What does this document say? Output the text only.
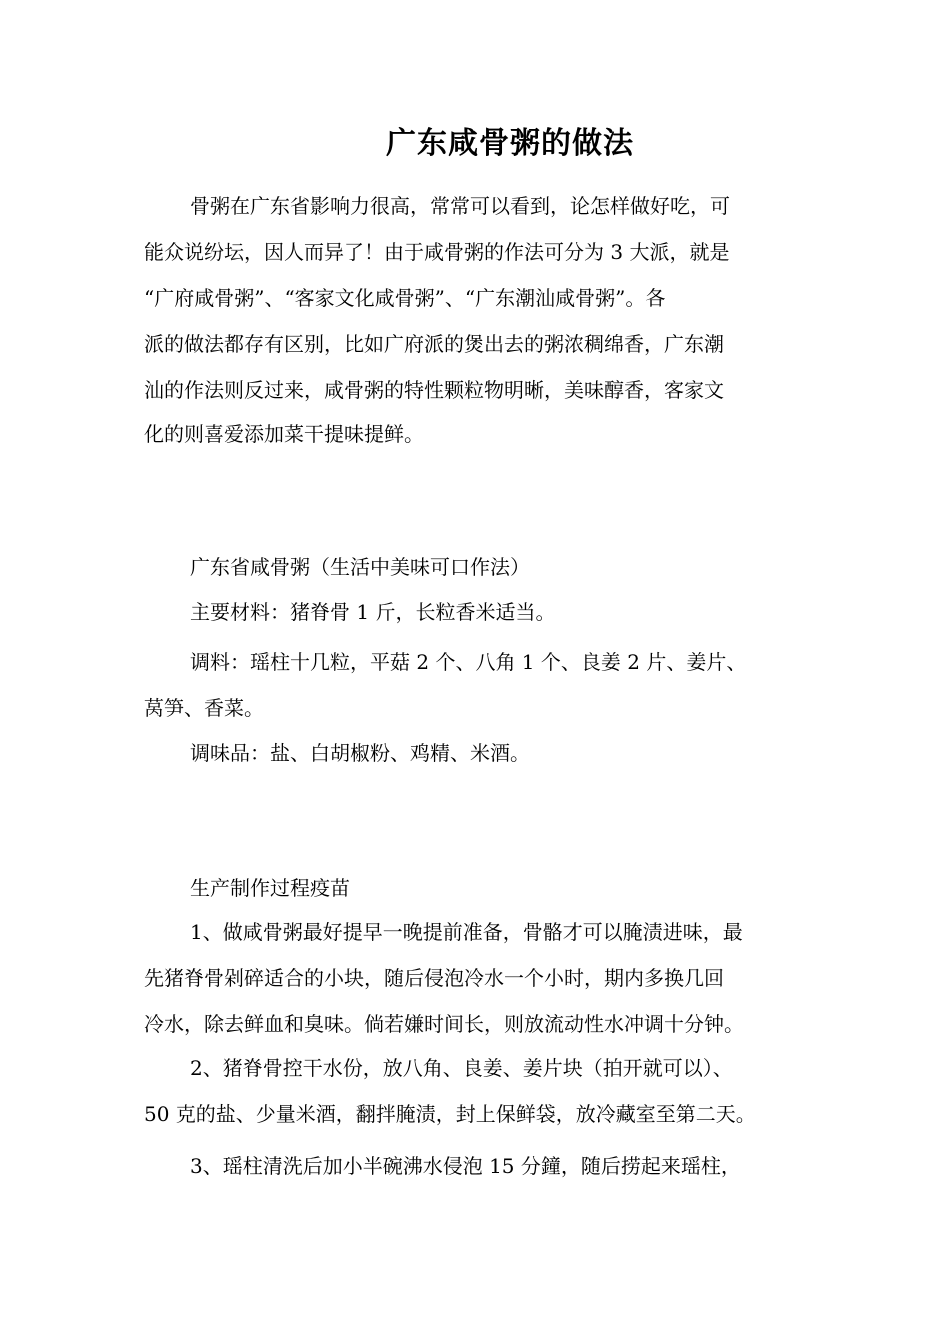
广东咸骨粥的做法
骨粥在广东省影响力很高，常常可以看到，论怎样做好吃，可
能众说纷坛，因人而异了！由于咸骨粥的作法可分为 3 大派，就是
“广府咸骨粥”、“客家文化咸骨粥”、“广东潮汕咸骨粥”。各
派的做法都存有区别，比如广府派的煲出去的粥浓稠绵香，广东潮
汕的作法则反过来，咸骨粥的特性颗粒物明晰，美味醇香，客家文
化的则喜爱添加菜干提味提鲜。
广东省咸骨粥（生活中美味可口作法）
主要材料：猪脊骨 1 斤，长粒香米适当。
调料：瑶柱十几粒，平菇 2 个、八角 1 个、良姜 2 片、姜片、
莴笋、香菜。
调味品：盐、白胡椒粉、鸡精、米酒。
生产制作过程疫苗
1、做咸骨粥最好提早一晚提前准备，骨骼才可以腌渍进味，最
先猪脊骨剁碎适合的小块，随后侵泡冷水一个小时，期内多换几回
冷水，除去鲜血和臭味。倘若嫌时间长，则放流动性水冲调十分钟。
2、猪脊骨控干水份，放八角、良姜、姜片块（拍开就可以）、
50 克的盐、少量米酒，翻拌腌渍，封上保鲜袋，放冷藏室至第二天。
3、瑶柱清洗后加小半碗沸水侵泡 15 分鐘，随后捞起来瑶柱，
